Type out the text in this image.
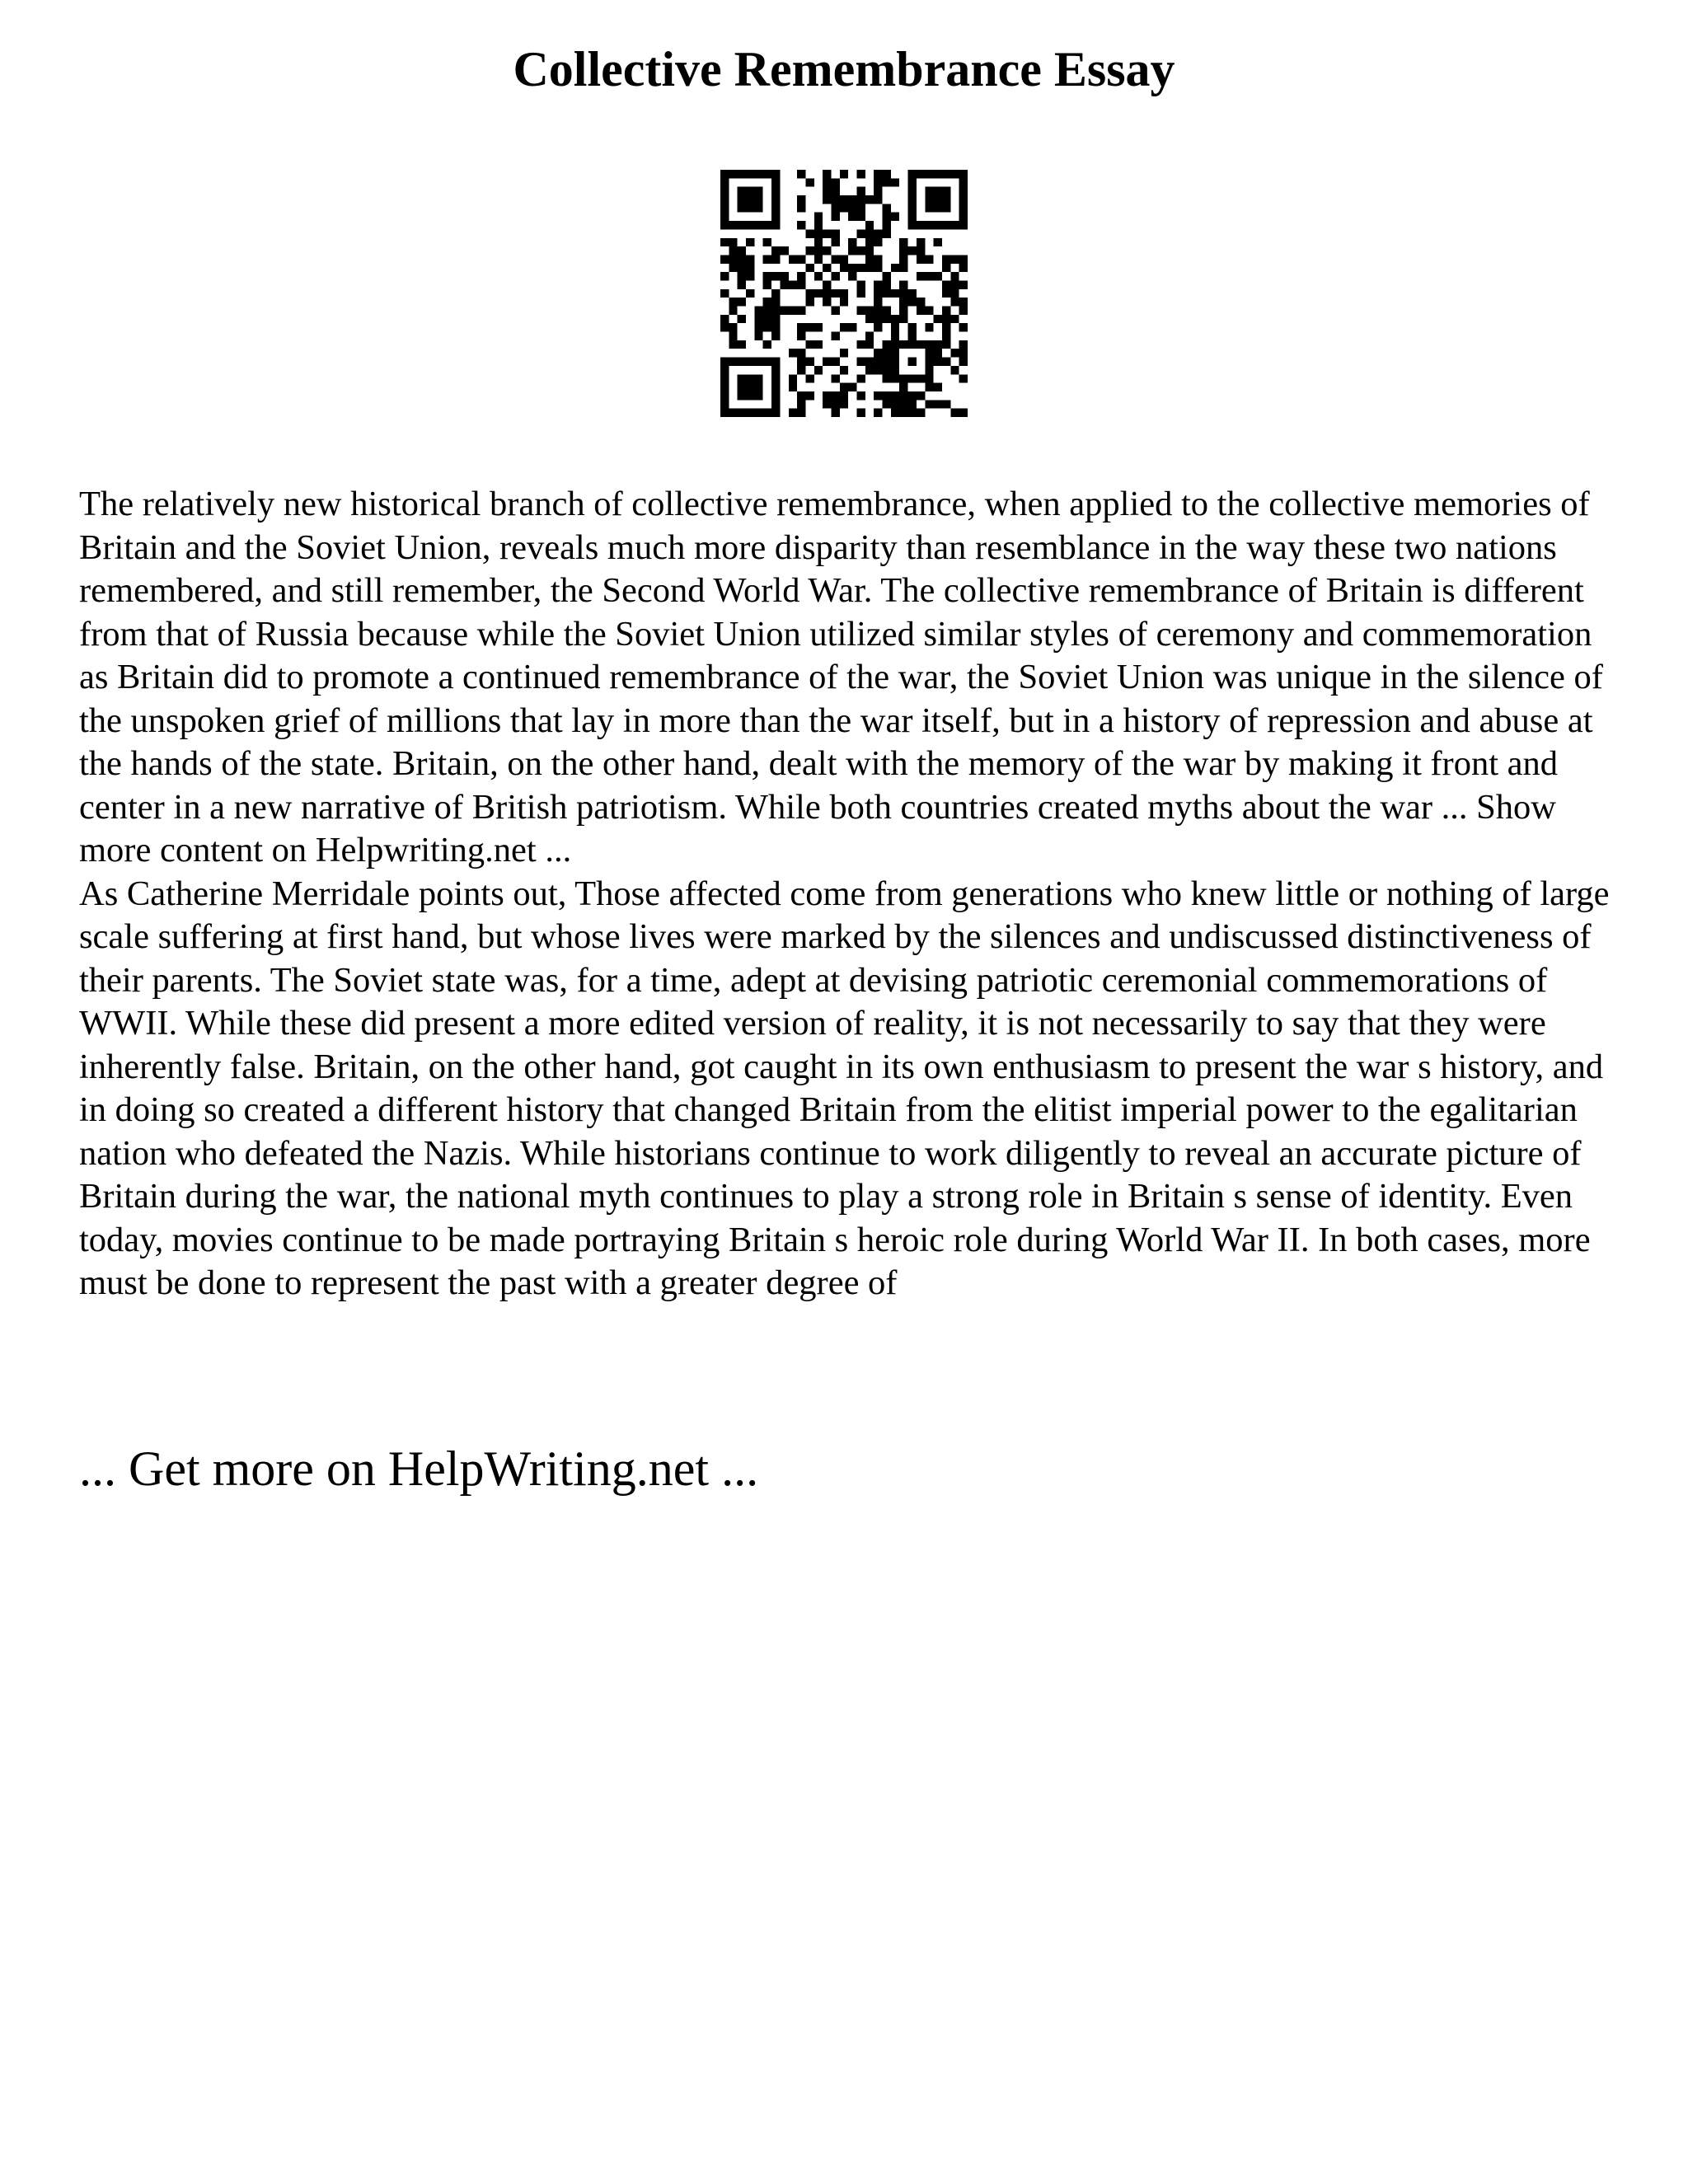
Collective Remembrance Essay

The relatively new historical branch of collective remembrance, when applied to the collective memories of Britain and the Soviet Union, reveals much more disparity than resemblance in the way these two nations remembered, and still remember, the Second World War. The collective remembrance of Britain is different from that of Russia because while the Soviet Union utilized similar styles of ceremony and commemoration as Britain did to promote a continued remembrance of the war, the Soviet Union was unique in the silence of the unspoken grief of millions that lay in more than the war itself, but in a history of repression and abuse at the hands of the state. Britain, on the other hand, dealt with the memory of the war by making it front and center in a new narrative of British patriotism. While both countries created myths about the war ... Show more content on Helpwriting.net ...

As Catherine Merridale points out, Those affected come from generations who knew little or nothing of large scale suffering at first hand, but whose lives were marked by the silences and undiscussed distinctiveness of their parents. The Soviet state was, for a time, adept at devising patriotic ceremonial commemorations of WWII. While these did present a more edited version of reality, it is not necessarily to say that they were inherently false. Britain, on the other hand, got caught in its own enthusiasm to present the war s history, and in doing so created a different history that changed Britain from the elitist imperial power to the egalitarian nation who defeated the Nazis. While historians continue to work diligently to reveal an accurate picture of Britain during the war, the national myth continues to play a strong role in Britain s sense of identity. Even today, movies continue to be made portraying Britain s heroic role during World War II. In both cases, more must be done to represent the past with a greater degree of

... Get more on HelpWriting.net ...
